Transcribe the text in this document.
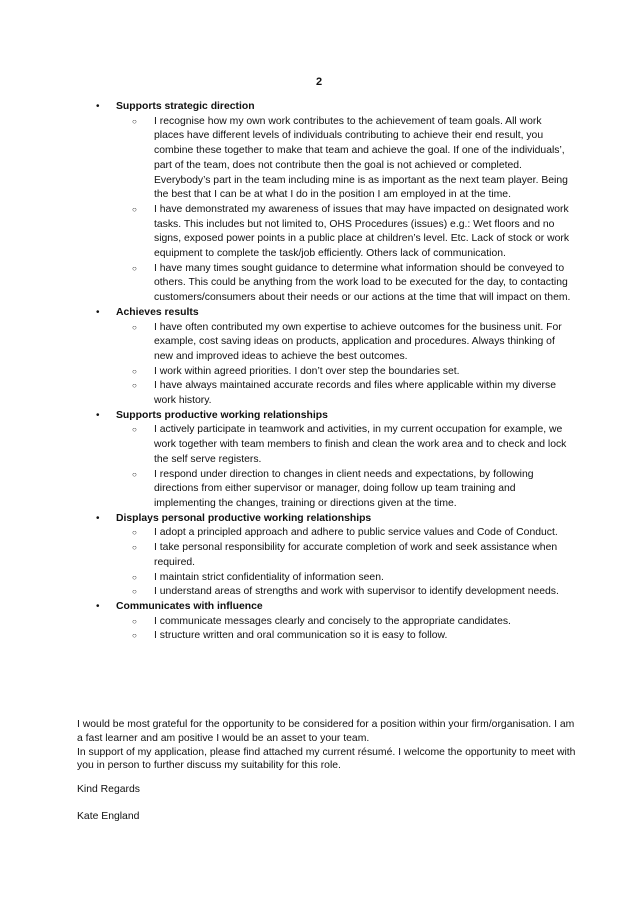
2
• Supports strategic direction
○ I recognise how my own work contributes to the achievement of team goals. All work places have different levels of individuals contributing to achieve their end result, you combine these together to make that team and achieve the goal. If one of the individuals’, part of the team, does not contribute then the goal is not achieved or completed. Everybody’s part in the team including mine is as important as the next team player. Being the best that I can be at what I do in the position I am employed in at the time.
○ I have demonstrated my awareness of issues that may have impacted on designated work tasks. This includes but not limited to, OHS Procedures (issues) e.g.: Wet floors and no signs, exposed power points in a public place at children’s level. Etc. Lack of stock or work equipment to complete the task/job efficiently. Others lack of communication.
○ I have many times sought guidance to determine what information should be conveyed to others. This could be anything from the work load to be executed for the day, to contacting customers/consumers about their needs or our actions at the time that will impact on them.
• Achieves results
○ I have often contributed my own expertise to achieve outcomes for the business unit. For example, cost saving ideas on products, application and procedures. Always thinking of new and improved ideas to achieve the best outcomes.
○ I work within agreed priorities. I don’t over step the boundaries set.
○ I have always maintained accurate records and files where applicable within my diverse work history.
• Supports productive working relationships
○ I actively participate in teamwork and activities, in my current occupation for example, we work together with team members to finish and clean the work area and to check and lock the self serve registers.
○ I respond under direction to changes in client needs and expectations, by following directions from either supervisor or manager, doing follow up team training and implementing the changes, training or directions given at the time.
• Displays personal productive working relationships
○ I adopt a principled approach and adhere to public service values and Code of Conduct.
○ I take personal responsibility for accurate completion of work and seek assistance when required.
○ I maintain strict confidentiality of information seen.
○ I understand areas of strengths and work with supervisor to identify development needs.
• Communicates with influence
○ I communicate messages clearly and concisely to the appropriate candidates.
○ I structure written and oral communication so it is easy to follow.

I would be most grateful for the opportunity to be considered for a position within your firm/organisation. I am a fast learner and am positive I would be an asset to your team.

In support of my application, please find attached my current résumé. I welcome the opportunity to meet with you in person to further discuss my suitability for this role.

Kind Regards

Kate England
